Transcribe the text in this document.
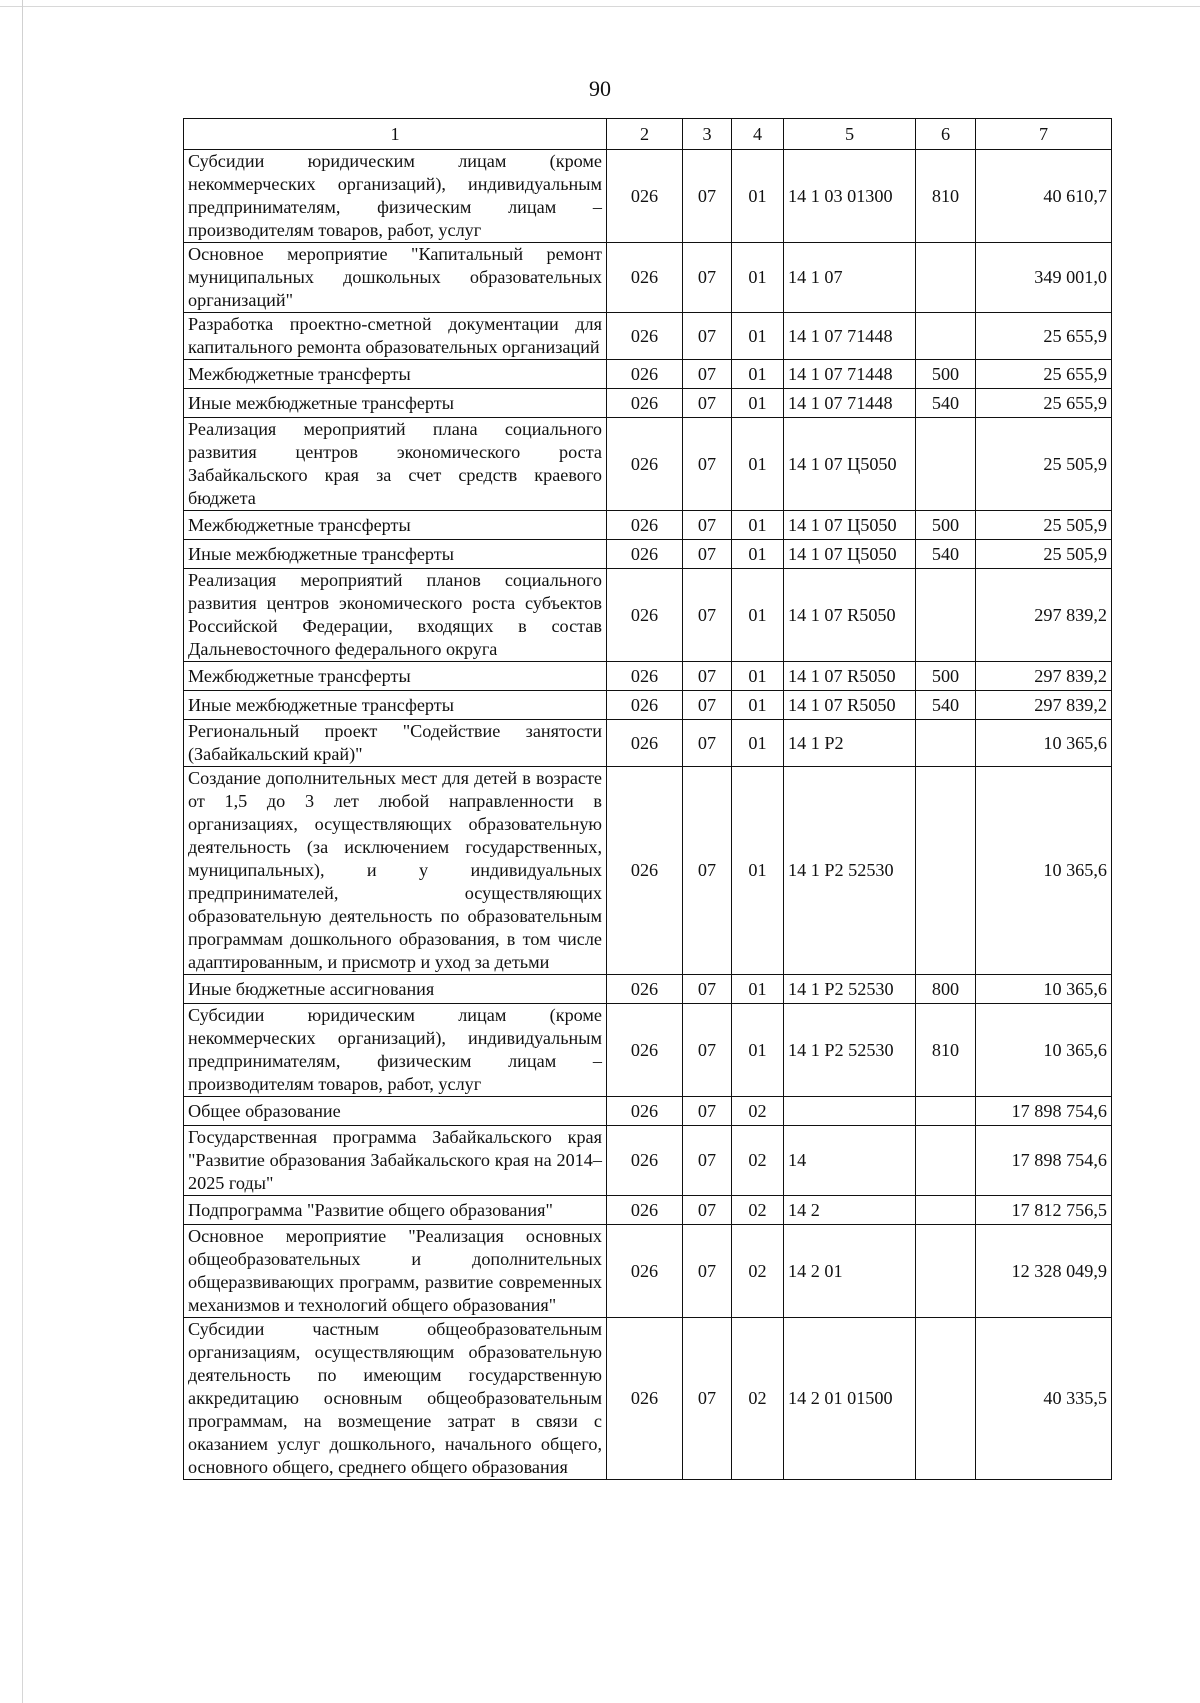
90
1	2	3	4	5	6	7
Субсидии юридическим лицам (кроме некоммерческих организаций), индивидуальным предпринимателям, физическим лицам – производителям товаров, работ, услуг	026	07	01	14 1 03 01300	810	40 610,7
Основное мероприятие "Капитальный ремонт муниципальных дошкольных образовательных организаций"	026	07	01	14 1 07		349 001,0
Разработка проектно-сметной документации для капитального ремонта образовательных организаций	026	07	01	14 1 07 71448		25 655,9
Межбюджетные трансферты	026	07	01	14 1 07 71448	500	25 655,9
Иные межбюджетные трансферты	026	07	01	14 1 07 71448	540	25 655,9
Реализация мероприятий плана социального развития центров экономического роста Забайкальского края за счет средств краевого бюджета	026	07	01	14 1 07 Ц5050		25 505,9
Межбюджетные трансферты	026	07	01	14 1 07 Ц5050	500	25 505,9
Иные межбюджетные трансферты	026	07	01	14 1 07 Ц5050	540	25 505,9
Реализация мероприятий планов социального развития центров экономического роста субъектов Российской Федерации, входящих в состав Дальневосточного федерального округа	026	07	01	14 1 07 R5050		297 839,2
Межбюджетные трансферты	026	07	01	14 1 07 R5050	500	297 839,2
Иные межбюджетные трансферты	026	07	01	14 1 07 R5050	540	297 839,2
Региональный проект "Содействие занятости (Забайкальский край)"	026	07	01	14 1 P2		10 365,6
Создание дополнительных мест для детей в возрасте от 1,5 до 3 лет любой направленности в организациях, осуществляющих образовательную деятельность (за исключением государственных, муниципальных), и у индивидуальных предпринимателей, осуществляющих образовательную деятельность по образовательным программам дошкольного образования, в том числе адаптированным, и присмотр и уход за детьми	026	07	01	14 1 P2 52530		10 365,6
Иные бюджетные ассигнования	026	07	01	14 1 P2 52530	800	10 365,6
Субсидии юридическим лицам (кроме некоммерческих организаций), индивидуальным предпринимателям, физическим лицам – производителям товаров, работ, услуг	026	07	01	14 1 P2 52530	810	10 365,6
Общее образование	026	07	02			17 898 754,6
Государственная программа Забайкальского края "Развитие образования Забайкальского края на 2014–2025 годы"	026	07	02	14		17 898 754,6
Подпрограмма "Развитие общего образования"	026	07	02	14 2		17 812 756,5
Основное мероприятие "Реализация основных общеобразовательных и дополнительных общеразвивающих программ, развитие современных механизмов и технологий общего образования"	026	07	02	14 2 01		12 328 049,9
Субсидии частным общеобразовательным организациям, осуществляющим образовательную деятельность по имеющим государственную аккредитацию основным общеобразовательным программам, на возмещение затрат в связи с оказанием услуг дошкольного, начального общего, основного общего, среднего общего образования	026	07	02	14 2 01 01500		40 335,5
